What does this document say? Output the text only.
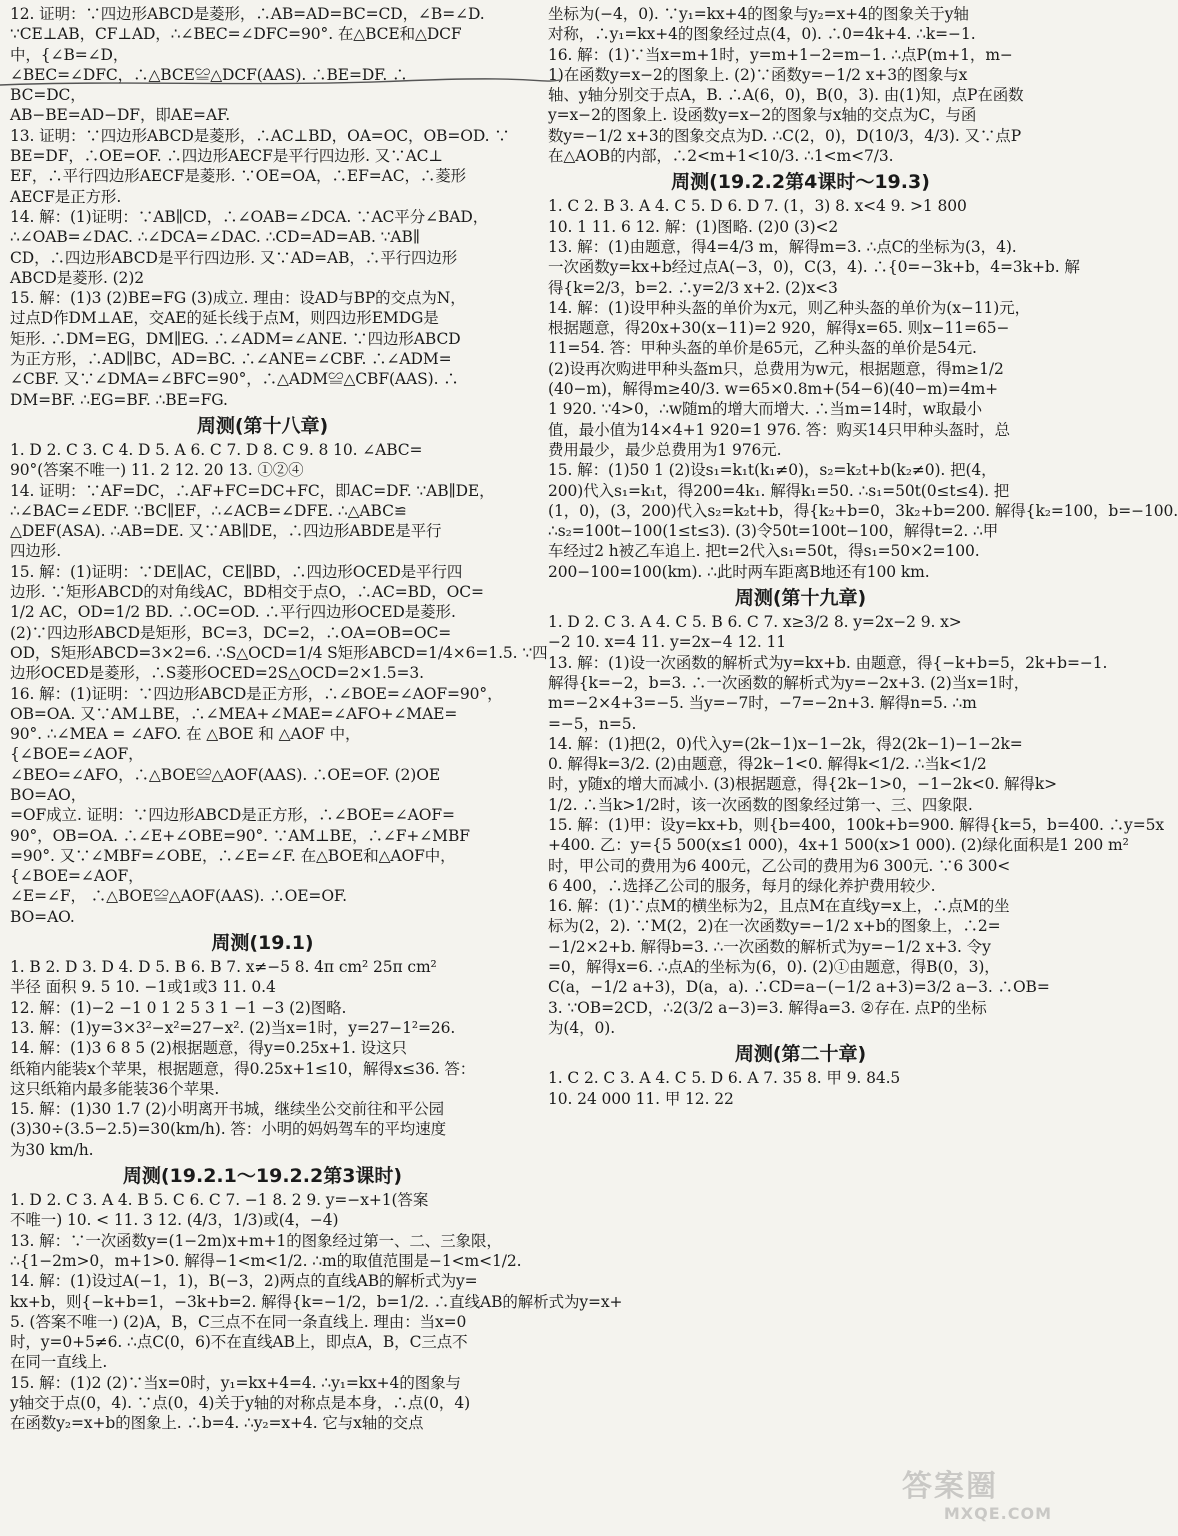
12. 证明：∵四边形ABCD是菱形，∴AB=AD=BC=CD，∠B=∠D.
∵CE⊥AB，CF⊥AD，∴∠BEC=∠DFC=90°. 在△BCE和△DCF
中，{∠B=∠D，
∠BEC=∠DFC，∴△BCE≌△DCF(AAS). ∴BE=DF. ∴
BC=DC，
AB−BE=AD−DF，即AE=AF.
13. 证明：∵四边形ABCD是菱形，∴AC⊥BD，OA=OC，OB=OD. ∵
BE=DF，∴OE=OF. ∴四边形AECF是平行四边形. 又∵AC⊥
EF，∴平行四边形AECF是菱形. ∵OE=OA，∴EF=AC，∴菱形
AECF是正方形.
14. 解：(1)证明：∵AB∥CD，∴∠OAB=∠DCA. ∵AC平分∠BAD，
∴∠OAB=∠DAC. ∴∠DCA=∠DAC. ∴CD=AD=AB. ∵AB∥
CD，∴四边形ABCD是平行四边形. 又∵AD=AB，∴平行四边形
ABCD是菱形. (2)2
15. 解：(1)3 (2)BE=FG (3)成立. 理由：设AD与BP的交点为N，
过点D作DM⊥AE，交AE的延长线于点M，则四边形EMDG是
矩形. ∴DM=EG，DM∥EG. ∴∠ADM=∠ANE. ∵四边形ABCD
为正方形，∴AD∥BC，AD=BC. ∴∠ANE=∠CBF. ∴∠ADM=
∠CBF. 又∵∠DMA=∠BFC=90°，∴△ADM≌△CBF(AAS). ∴
DM=BF. ∴EG=BF. ∴BE=FG.
周测(第十八章)
1. D 2. C 3. C 4. D 5. A 6. C 7. D 8. C 9. 8 10. ∠ABC=
90°(答案不唯一) 11. 2 12. 20 13. ①②④
14. 证明：∵AF=DC，∴AF+FC=DC+FC，即AC=DF. ∵AB∥DE，
∴∠BAC=∠EDF. ∵BC∥EF，∴∠ACB=∠DFE. ∴△ABC≌
△DEF(ASA). ∴AB=DE. 又∵AB∥DE，∴四边形ABDE是平行
四边形.
15. 解：(1)证明：∵DE∥AC，CE∥BD，∴四边形OCED是平行四
边形. ∵矩形ABCD的对角线AC，BD相交于点O，∴AC=BD，OC=
1/2 AC，OD=1/2 BD. ∴OC=OD. ∴平行四边形OCED是菱形.
(2)∵四边形ABCD是矩形，BC=3，DC=2，∴OA=OB=OC=
OD，S矩形ABCD=3×2=6. ∴S△OCD=1/4 S矩形ABCD=1/4×6=1.5. ∵四
边形OCED是菱形，∴S菱形OCED=2S△OCD=2×1.5=3.
16. 解：(1)证明：∵四边形ABCD是正方形，∴∠BOE=∠AOF=90°，
OB=OA. 又∵AM⊥BE，∴∠MEA+∠MAE=∠AFO+∠MAE=
90°. ∴∠MEA = ∠AFO. 在 △BOE 和 △AOF 中，
{∠BOE=∠AOF，
∠BEO=∠AFO，∴△BOE≌△AOF(AAS). ∴OE=OF. (2)OE
BO=AO，
=OF成立. 证明：∵四边形ABCD是正方形，∴∠BOE=∠AOF=
90°，OB=OA. ∴∠E+∠OBE=90°. ∵AM⊥BE，∴∠F+∠MBF
=90°. 又∵∠MBF=∠OBE，∴∠E=∠F. 在△BOE和△AOF中，
{∠BOE=∠AOF，
∠E=∠F， ∴△BOE≌△AOF(AAS). ∴OE=OF.
BO=AO.
周测(19.1)
1. B 2. D 3. D 4. D 5. B 6. B 7. x≠−5 8. 4π cm² 25π cm²
半径 面积 9. 5 10. −1或1或3 11. 0.4
12. 解：(1)−2 −1 0 1 2 5 3 1 −1 −3 (2)图略.
13. 解：(1)y=3×3²−x²=27−x². (2)当x=1时，y=27−1²=26.
14. 解：(1)3 6 8 5 (2)根据题意，得y=0.25x+1. 设这只
纸箱内能装x个苹果，根据题意，得0.25x+1≤10，解得x≤36. 答：
这只纸箱内最多能装36个苹果.
15. 解：(1)30 1.7 (2)小明离开书城，继续坐公交前往和平公园
(3)30÷(3.5−2.5)=30(km/h). 答：小明的妈妈驾车的平均速度
为30 km/h.
周测(19.2.1～19.2.2第3课时)
1. D 2. C 3. A 4. B 5. C 6. C 7. −1 8. 2 9. y=−x+1(答案
不唯一) 10. < 11. 3 12. (4/3，1/3)或(4，−4)
13. 解：∵一次函数y=(1−2m)x+m+1的图象经过第一、二、三象限，
∴{1−2m>0，m+1>0. 解得−1<m<1/2. ∴m的取值范围是−1<m<1/2.
14. 解：(1)设过A(−1，1)，B(−3，2)两点的直线AB的解析式为y=
kx+b，则{−k+b=1，−3k+b=2. 解得{k=−1/2，b=1/2. ∴直线AB的解析式为y=x+
5. (答案不唯一) (2)A，B，C三点不在同一条直线上. 理由：当x=0
时，y=0+5≠6. ∴点C(0，6)不在直线AB上，即点A，B，C三点不
在同一直线上.
15. 解：(1)2 (2)∵当x=0时，y₁=kx+4=4. ∴y₁=kx+4的图象与
y轴交于点(0，4). ∵点(0，4)关于y轴的对称点是本身，∴点(0，4)
在函数y₂=x+b的图象上. ∴b=4. ∴y₂=x+4. 它与x轴的交点
坐标为(−4，0). ∵y₁=kx+4的图象与y₂=x+4的图象关于y轴
对称，∴y₁=kx+4的图象经过点(4，0). ∴0=4k+4. ∴k=−1.
16. 解：(1)∵当x=m+1时，y=m+1−2=m−1. ∴点P(m+1，m−
1)在函数y=x−2的图象上. (2)∵函数y=−1/2 x+3的图象与x
轴、y轴分别交于点A，B. ∴A(6，0)，B(0，3). 由(1)知，点P在函数
y=x−2的图象上. 设函数y=x−2的图象与x轴的交点为C，与函
数y=−1/2 x+3的图象交点为D. ∴C(2，0)，D(10/3，4/3). 又∵点P
在△AOB的内部，∴2<m+1<10/3. ∴1<m<7/3.
周测(19.2.2第4课时～19.3)
1. C 2. B 3. A 4. C 5. D 6. D 7. (1，3) 8. x<4 9. >1 800
10. 1 11. 6 12. 解：(1)图略. (2)0 (3)<2
13. 解：(1)由题意，得4=4/3 m，解得m=3. ∴点C的坐标为(3，4).
一次函数y=kx+b经过点A(−3，0)，C(3，4). ∴{0=−3k+b，4=3k+b. 解
得{k=2/3，b=2. ∴y=2/3 x+2. (2)x<3
14. 解：(1)设甲种头盔的单价为x元，则乙种头盔的单价为(x−11)元，
根据题意，得20x+30(x−11)=2 920，解得x=65. 则x−11=65−
11=54. 答：甲种头盔的单价是65元，乙种头盔的单价是54元.
(2)设再次购进甲种头盔m只，总费用为w元，根据题意，得m≥1/2
(40−m)，解得m≥40/3. w=65×0.8m+(54−6)(40−m)=4m+
1 920. ∵4>0，∴w随m的增大而增大. ∴当m=14时，w取最小
值，最小值为14×4+1 920=1 976. 答：购买14只甲种头盔时，总
费用最少，最少总费用为1 976元.
15. 解：(1)50 1 (2)设s₁=k₁t(k₁≠0)，s₂=k₂t+b(k₂≠0). 把(4，
200)代入s₁=k₁t，得200=4k₁. 解得k₁=50. ∴s₁=50t(0≤t≤4). 把
(1，0)，(3，200)代入s₂=k₂t+b，得{k₂+b=0，3k₂+b=200. 解得{k₂=100，b=−100.
∴s₂=100t−100(1≤t≤3). (3)令50t=100t−100，解得t=2. ∴甲
车经过2 h被乙车追上. 把t=2代入s₁=50t，得s₁=50×2=100.
200−100=100(km). ∴此时两车距离B地还有100 km.
周测(第十九章)
1. D 2. C 3. A 4. C 5. B 6. C 7. x≥3/2 8. y=2x−2 9. x>
−2 10. x=4 11. y=2x−4 12. 11
13. 解：(1)设一次函数的解析式为y=kx+b. 由题意，得{−k+b=5，2k+b=−1.
解得{k=−2，b=3. ∴一次函数的解析式为y=−2x+3. (2)当x=1时，
m=−2×4+3=−5. 当y=−7时，−7=−2n+3. 解得n=5. ∴m
=−5，n=5.
14. 解：(1)把(2，0)代入y=(2k−1)x−1−2k，得2(2k−1)−1−2k=
0. 解得k=3/2. (2)由题意，得2k−1<0. 解得k<1/2. ∴当k<1/2
时，y随x的增大而减小. (3)根据题意，得{2k−1>0，−1−2k<0. 解得k>
1/2. ∴当k>1/2时，该一次函数的图象经过第一、三、四象限.
15. 解：(1)甲：设y=kx+b，则{b=400，100k+b=900. 解得{k=5，b=400. ∴y=5x
+400. 乙：y={5 500(x≤1 000)，4x+1 500(x>1 000). (2)绿化面积是1 200 m²
时，甲公司的费用为6 400元，乙公司的费用为6 300元. ∵6 300<
6 400，∴选择乙公司的服务，每月的绿化养护费用较少.
16. 解：(1)∵点M的横坐标为2，且点M在直线y=x上，∴点M的坐
标为(2，2). ∵M(2，2)在一次函数y=−1/2 x+b的图象上，∴2=
−1/2×2+b. 解得b=3. ∴一次函数的解析式为y=−1/2 x+3. 令y
=0，解得x=6. ∴点A的坐标为(6，0). (2)①由题意，得B(0，3)，
C(a，−1/2 a+3)，D(a，a). ∴CD=a−(−1/2 a+3)=3/2 a−3. ∴OB=
3. ∵OB=2CD，∴2(3/2 a−3)=3. 解得a=3. ②存在. 点P的坐标
为(4，0).
周测(第二十章)
1. C 2. C 3. A 4. C 5. D 6. A 7. 35 8. 甲 9. 84.5
10. 24 000 11. 甲 12. 22
答案圈
MXQE.COM
